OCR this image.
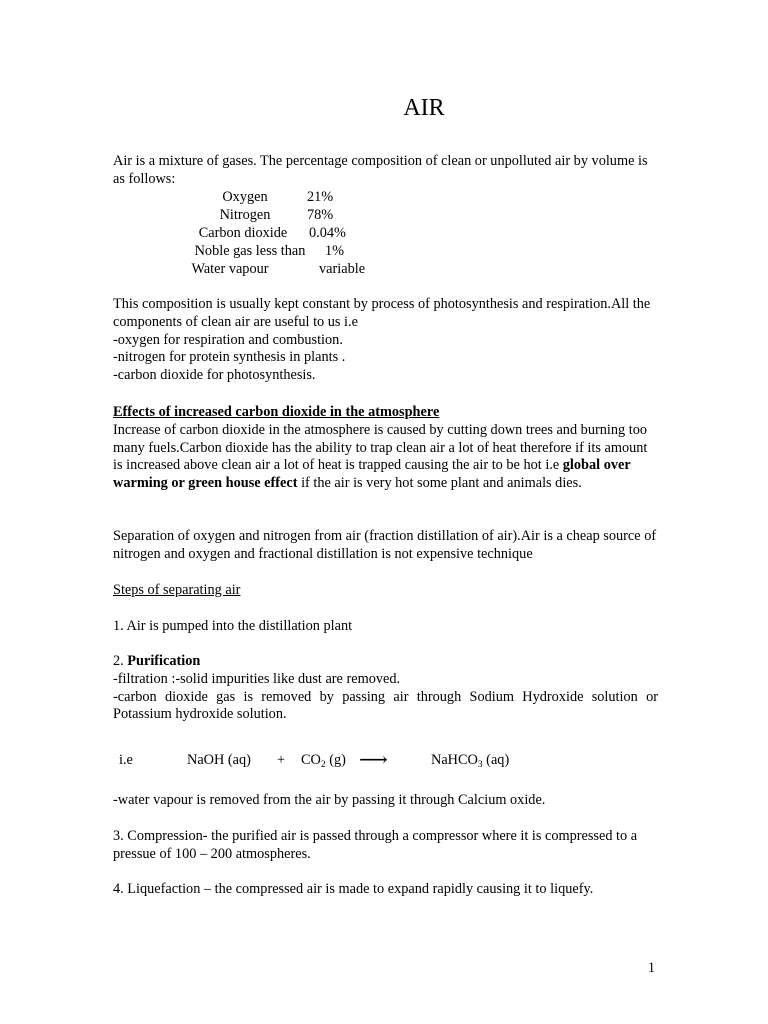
AIR

Air is a mixture of gases. The percentage composition of clean or unpolluted air by volume is as follows:

Oxygen	21%
Nitrogen	78%
Carbon dioxide	0.04%
Noble gas less than	1%
Water vapour	variable

This composition is usually kept constant by process of photosynthesis and respiration.All the components of clean air are useful to us i.e

-oxygen for respiration and combustion.

-nitrogen for protein synthesis in plants .

-carbon dioxide for photosynthesis.

Effects of increased carbon dioxide in the atmosphere

Increase of carbon dioxide in the atmosphere is caused by cutting down trees and burning too many fuels.Carbon dioxide has the ability to trap clean air a lot of heat therefore if its amount is increased above clean air a lot of heat is trapped causing the air to be hot i.e global over warming or green house effect if the air is very hot some plant and animals dies.

Separation of oxygen and nitrogen from air (fraction distillation of air).Air is a cheap source of nitrogen and oxygen and fractional distillation is not expensive technique

Steps of separating air

1. Air is pumped into the distillation plant

2. Purification

-filtration :-solid impurities like dust are removed.

-carbon dioxide gas is removed by passing air through Sodium Hydroxide solution or Potassium hydroxide solution.

i.e	NaOH $(aq) + CO_2$ (g) ⟶	NaHCO$_3$ (aq)

-water vapour is removed from the air by passing it through Calcium oxide.

3. Compression- the purified air is passed through a compressor where it is compressed to a pressue of 100 – 200 atmospheres.

4. Liquefaction – the compressed air is made to expand rapidly causing it to liquefy.

1
